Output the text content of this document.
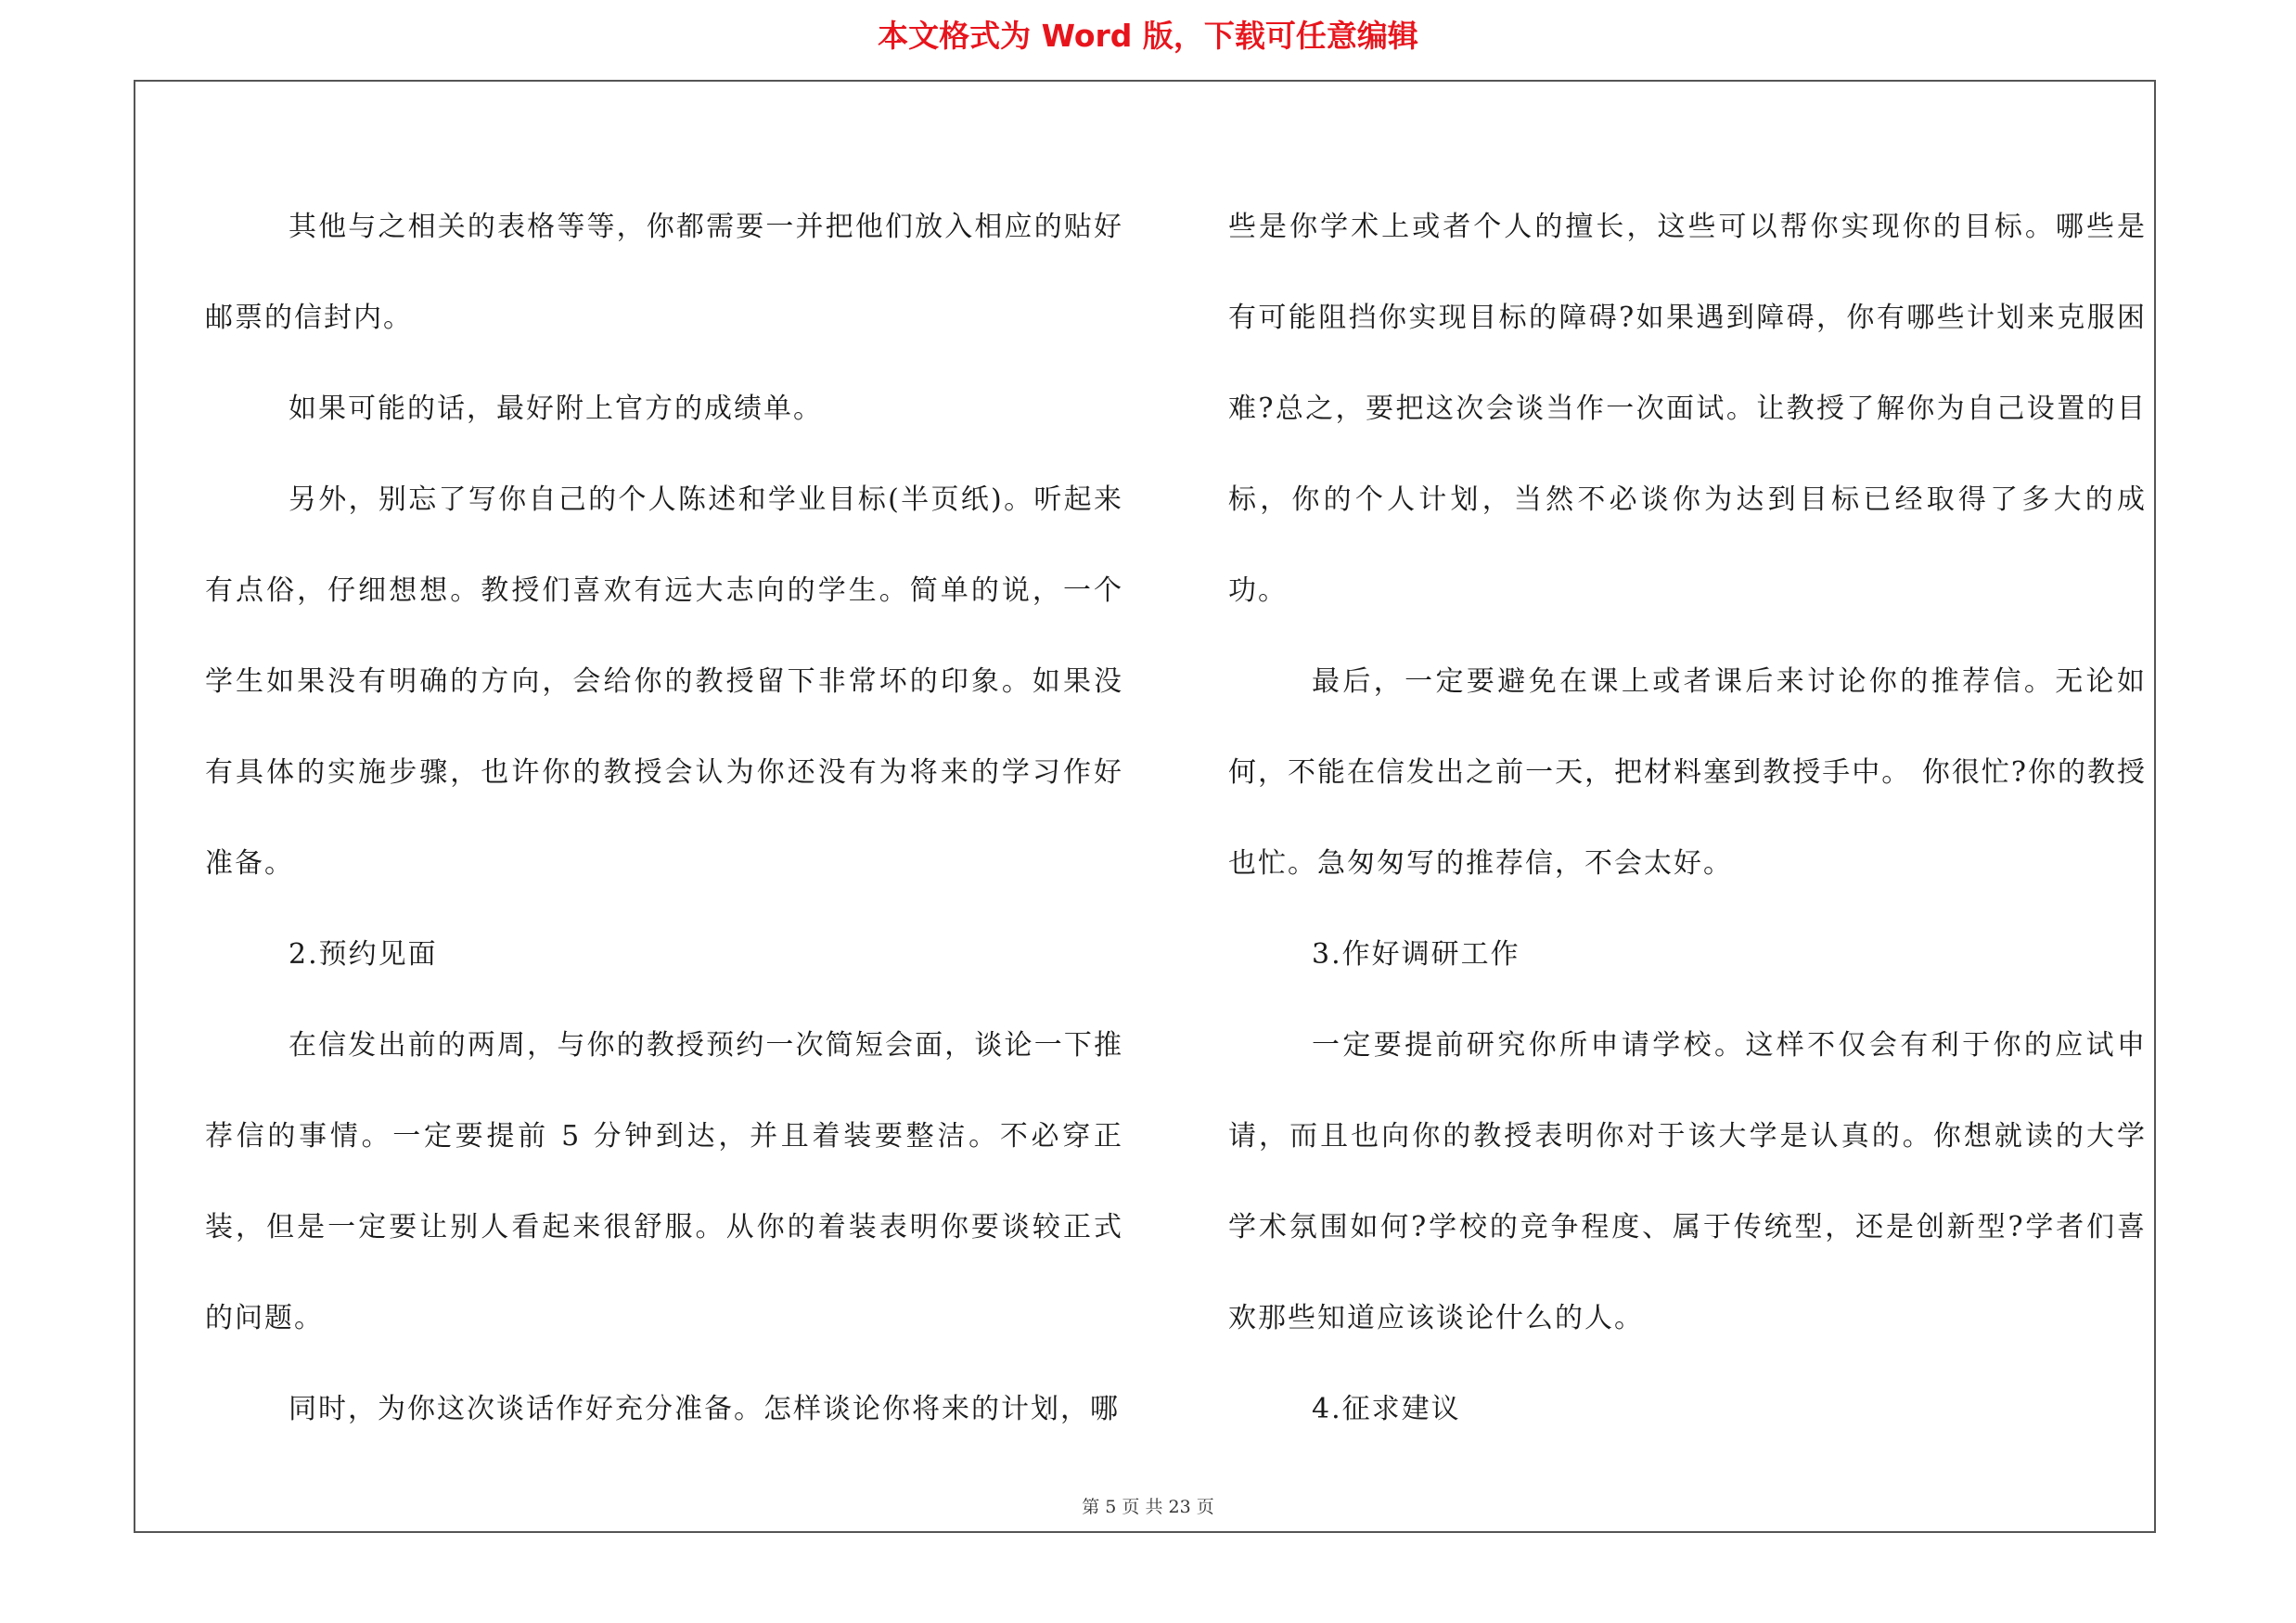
本文格式为 Word 版，下载可任意编辑

其他与之相关的表格等等，你都需要一并把他们放入相应的贴好邮票的信封内。

如果可能的话，最好附上官方的成绩单。

另外，别忘了写你自己的个人陈述和学业目标(半页纸)。听起来有点俗，仔细想想。教授们喜欢有远大志向的学生。简单的说，一个学生如果没有明确的方向，会给你的教授留下非常坏的印象。如果没有具体的实施步骤，也许你的教授会认为你还没有为将来的学习作好准备。

2.预约见面

在信发出前的两周，与你的教授预约一次简短会面，谈论一下推荐信的事情。一定要提前 5 分钟到达，并且着装要整洁。不必穿正装，但是一定要让别人看起来很舒服。从你的着装表明你要谈较正式的问题。

同时，为你这次谈话作好充分准备。怎样谈论你将来的计划，哪

些是你学术上或者个人的擅长，这些可以帮你实现你的目标。哪些是有可能阻挡你实现目标的障碍?如果遇到障碍，你有哪些计划来克服困难?总之，要把这次会谈当作一次面试。让教授了解你为自己设置的目标，你的个人计划，当然不必谈你为达到目标已经取得了多大的成功。

最后，一定要避免在课上或者课后来讨论你的推荐信。无论如何，不能在信发出之前一天，把材料塞到教授手中。 你很忙?你的教授也忙。急匆匆写的推荐信，不会太好。

3.作好调研工作

一定要提前研究你所申请学校。这样不仅会有利于你的应试申请，而且也向你的教授表明你对于该大学是认真的。你想就读的大学学术氛围如何?学校的竞争程度、属于传统型，还是创新型?学者们喜欢那些知道应该谈论什么的人。

4.征求建议

第 5 页 共 23 页
